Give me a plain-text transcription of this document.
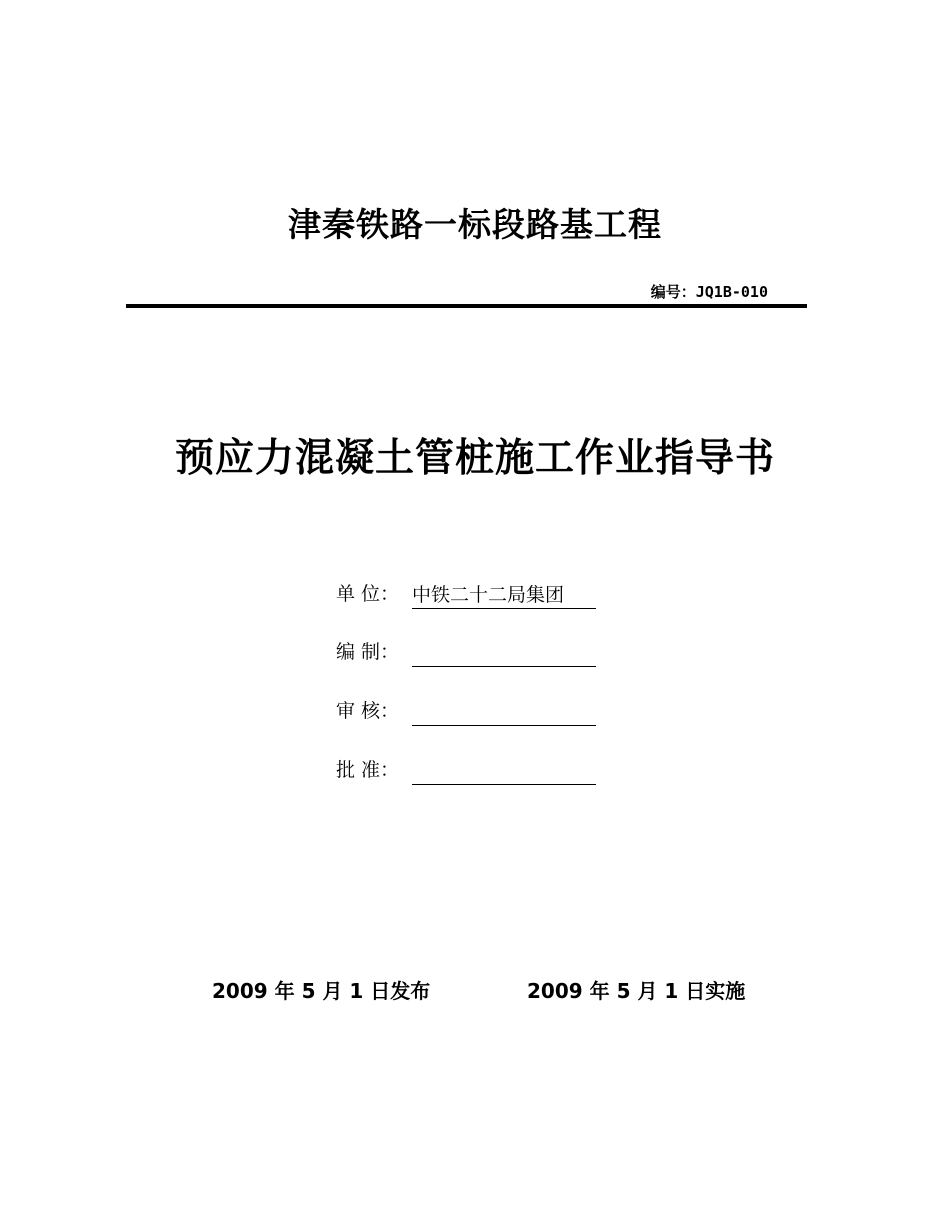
津秦铁路一标段路基工程
编号：JQ1B-010
预应力混凝土管桩施工作业指导书
单 位： 中铁二十二局集团
编 制：
审 核：
批 准：
2009 年 5 月 1 日发布	2009 年 5 月 1 日实施
